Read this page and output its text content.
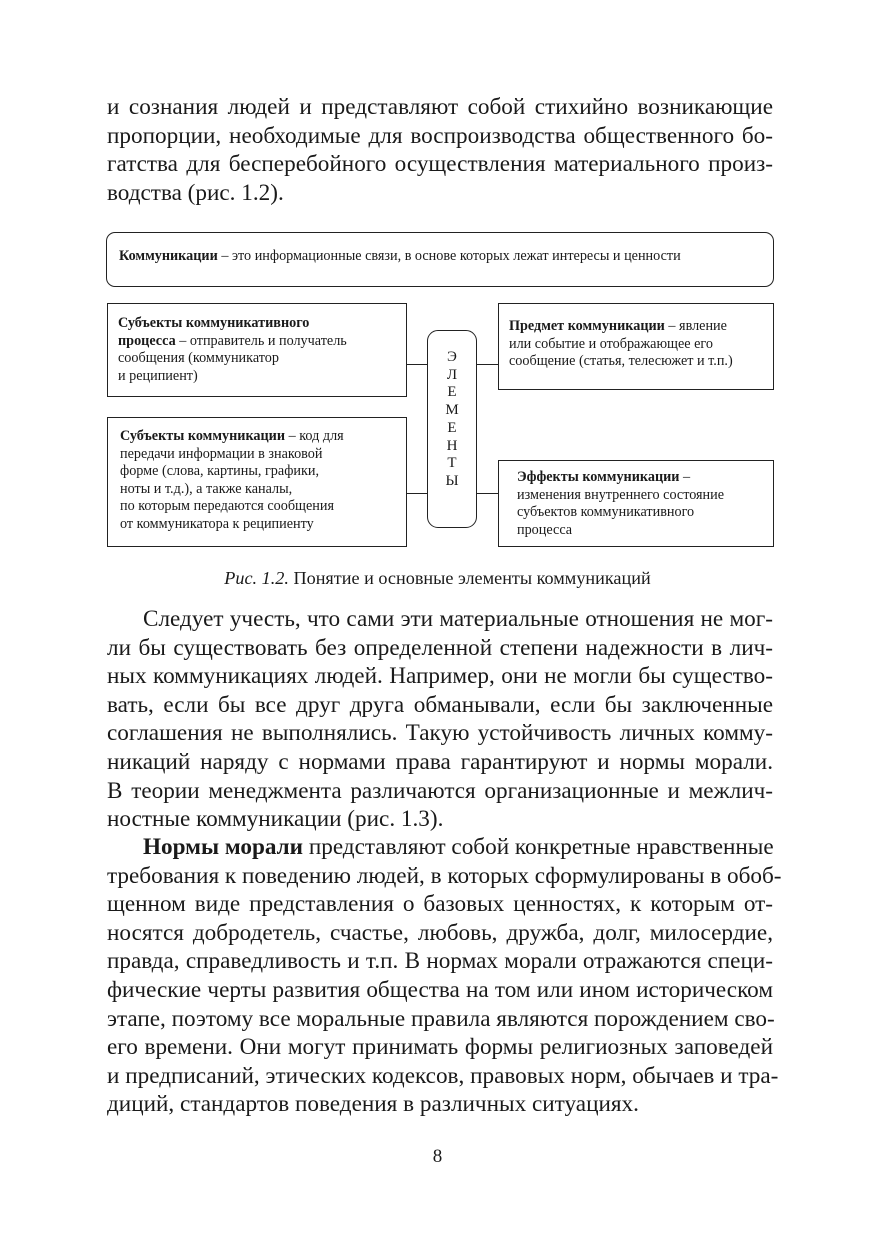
и сознания людей и представляют собой стихийно возникающие
пропорции, необходимые для воспроизводства общественного бо-
гатства для бесперебойного осуществления материального произ-
водства (рис. 1.2).

Коммуникации – это информационные связи, в основе которых лежат интересы и ценности
Субъекты коммуникативного
процесса – отправитель и получатель
сообщения (коммуникатор
и реципиент)
Субъекты коммуникации – код для
передачи информации в знаковой
форме (слова, картины, графики,
ноты и т.д.), а также каналы,
по которым передаются сообщения
от коммуникатора к реципиенту
Предмет коммуникации – явление
или событие и отображающее его
сообщение (статья, телесюжет и т.п.)
Эффекты коммуникации –
изменения внутреннего состояние
субъектов коммуникативного
процесса
Э
Л
Е
М
Е
Н
Т
Ы
Рис. 1.2. Понятие и основные элементы коммуникаций

Следует учесть, что сами эти материальные отношения не мог-
ли бы существовать без определенной степени надежности в лич-
ных коммуникациях людей. Например, они не могли бы существо-
вать, если бы все друг друга обманывали, если бы заключенные
соглашения не выполнялись. Такую устойчивость личных комму-
никаций наряду с нормами права гарантируют и нормы морали.
В теории менеджмента различаются организационные и межлич-
ностные коммуникации (рис. 1.3).

Нормы морали представляют собой конкретные нравственные
требования к поведению людей, в которых сформулированы в обоб-
щенном виде представления о базовых ценностях, к которым от-
носятся добродетель, счастье, любовь, дружба, долг, милосердие,
правда, справедливость и т.п. В нормах морали отражаются специ-
фические черты развития общества на том или ином историческом
этапе, поэтому все моральные правила являются порождением сво-
его времени. Они могут принимать формы религиозных заповедей
и предписаний, этических кодексов, правовых норм, обычаев и тра-
диций, стандартов поведения в различных ситуациях.

8
